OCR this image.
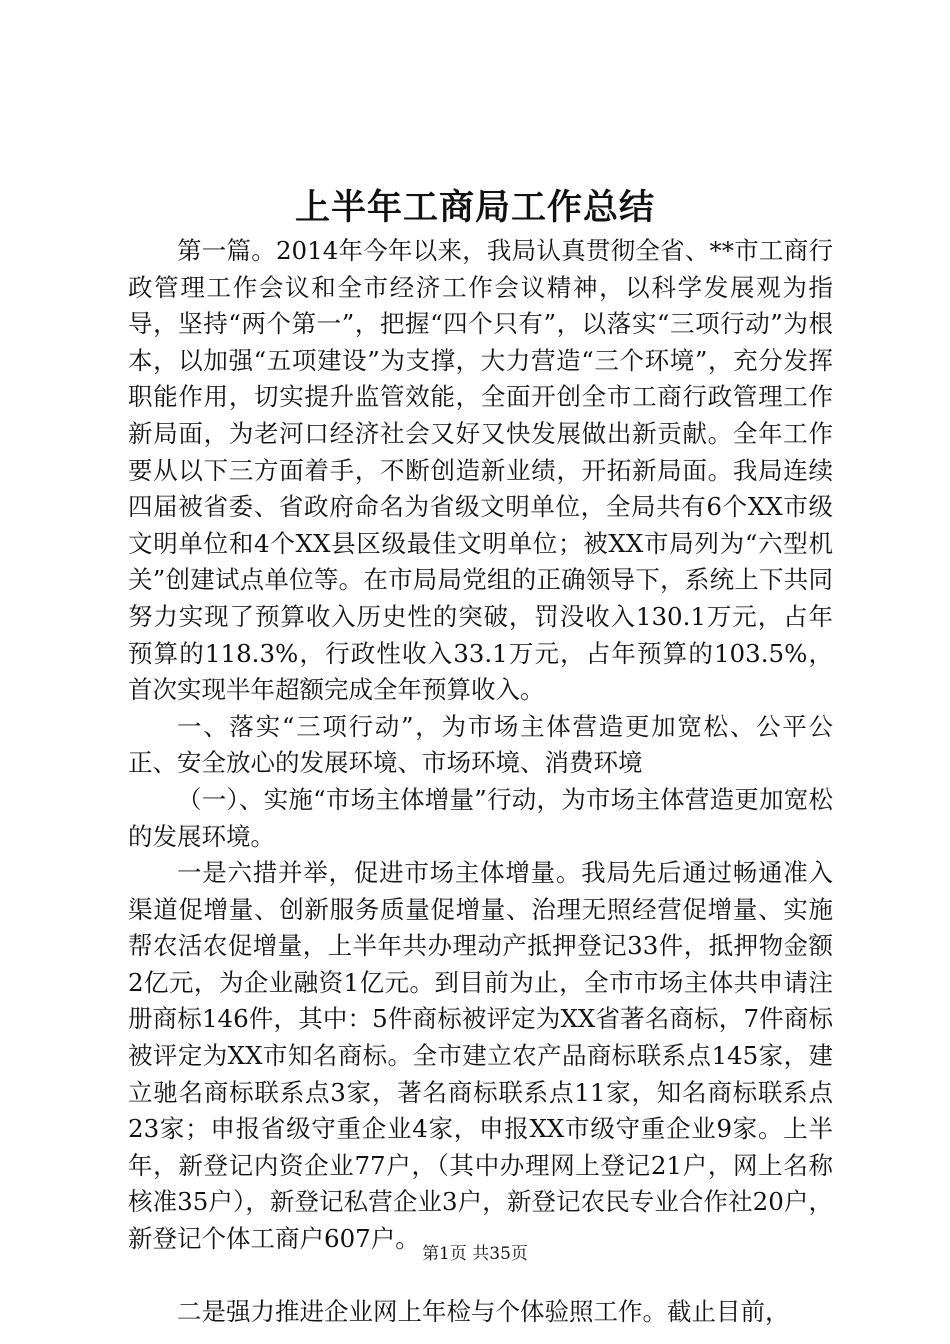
上半年工商局工作总结

第一篇。2014年今年以来，我局认真贯彻全省、**市工商行政管理工作会议和全市经济工作会议精神，以科学发展观为指导，坚持“两个第一”，把握“四个只有”，以落实“三项行动”为根本，以加强“五项建设”为支撑，大力营造“三个环境”，充分发挥职能作用，切实提升监管效能，全面开创全市工商行政管理工作新局面，为老河口经济社会又好又快发展做出新贡献。全年工作要从以下三方面着手，不断创造新业绩，开拓新局面。我局连续四届被省委、省政府命名为省级文明单位，全局共有6个XX市级文明单位和4个XX县区级最佳文明单位；被XX市局列为“六型机关”创建试点单位等。在市局局党组的正确领导下，系统上下共同努力实现了预算收入历史性的突破，罚没收入130.1万元，占年预算的118.3%，行政性收入33.1万元，占年预算的103.5%，首次实现半年超额完成全年预算收入。

一、落实“三项行动”，为市场主体营造更加宽松、公平公正、安全放心的发展环境、市场环境、消费环境

（一）、实施“市场主体增量”行动，为市场主体营造更加宽松的发展环境。

一是六措并举，促进市场主体增量。我局先后通过畅通准入渠道促增量、创新服务质量促增量、治理无照经营促增量、实施帮农活农促增量，上半年共办理动产抵押登记33件，抵押物金额2亿元，为企业融资1亿元。到目前为止，全市市场主体共申请注册商标146件，其中：5件商标被评定为XX省著名商标，7件商标被评定为XX市知名商标。全市建立农产品商标联系点145家，建立驰名商标联系点3家，著名商标联系点11家，知名商标联系点23家；申报省级守重企业4家，申报XX市级守重企业9家。上半年，新登记内资企业77户，（其中办理网上登记21户，网上名称核准35户），新登记私营企业3户，新登记农民专业合作社20户，新登记个体工商户607户。

二是强力推进企业网上年检与个体验照工作。截止目前，

第1页 共35页
